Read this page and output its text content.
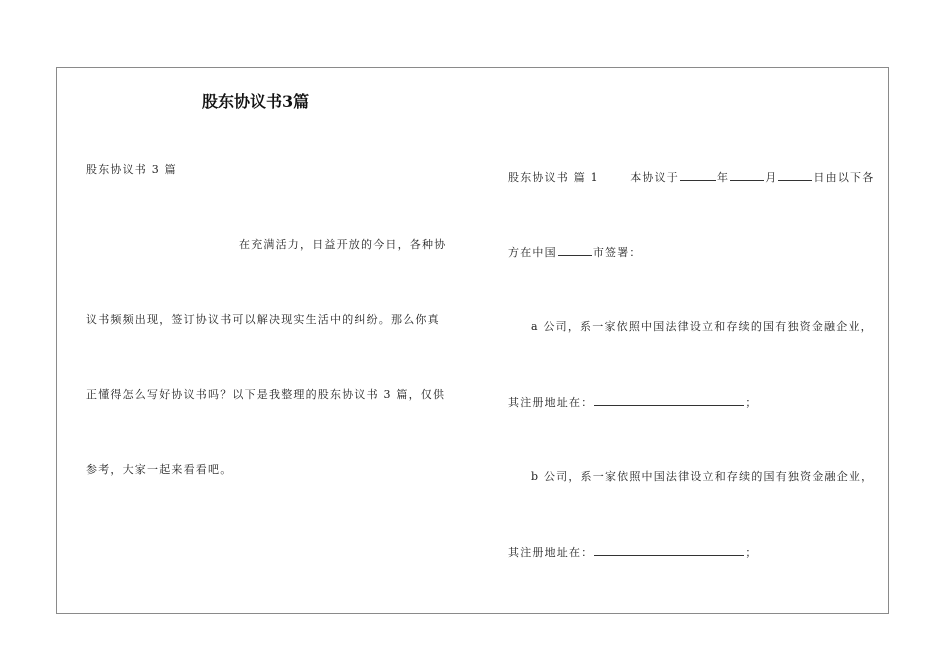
股东协议书3篇
股东协议书 3 篇
在充满活力，日益开放的今日，各种协
议书频频出现，签订协议书可以解决现实生活中的纠纷。那么你真
正懂得怎么写好协议书吗？以下是我整理的股东协议书 3 篇，仅供
参考，大家一起来看看吧。
股东协议书 篇 1	本协议于	年	月	日由以下各
方在中国	市签署：
a 公司，系一家依照中国法律设立和存续的国有独资金融企业，
其注册地址在：	；
b 公司，系一家依照中国法律设立和存续的国有独资金融企业，
其注册地址在：	；
